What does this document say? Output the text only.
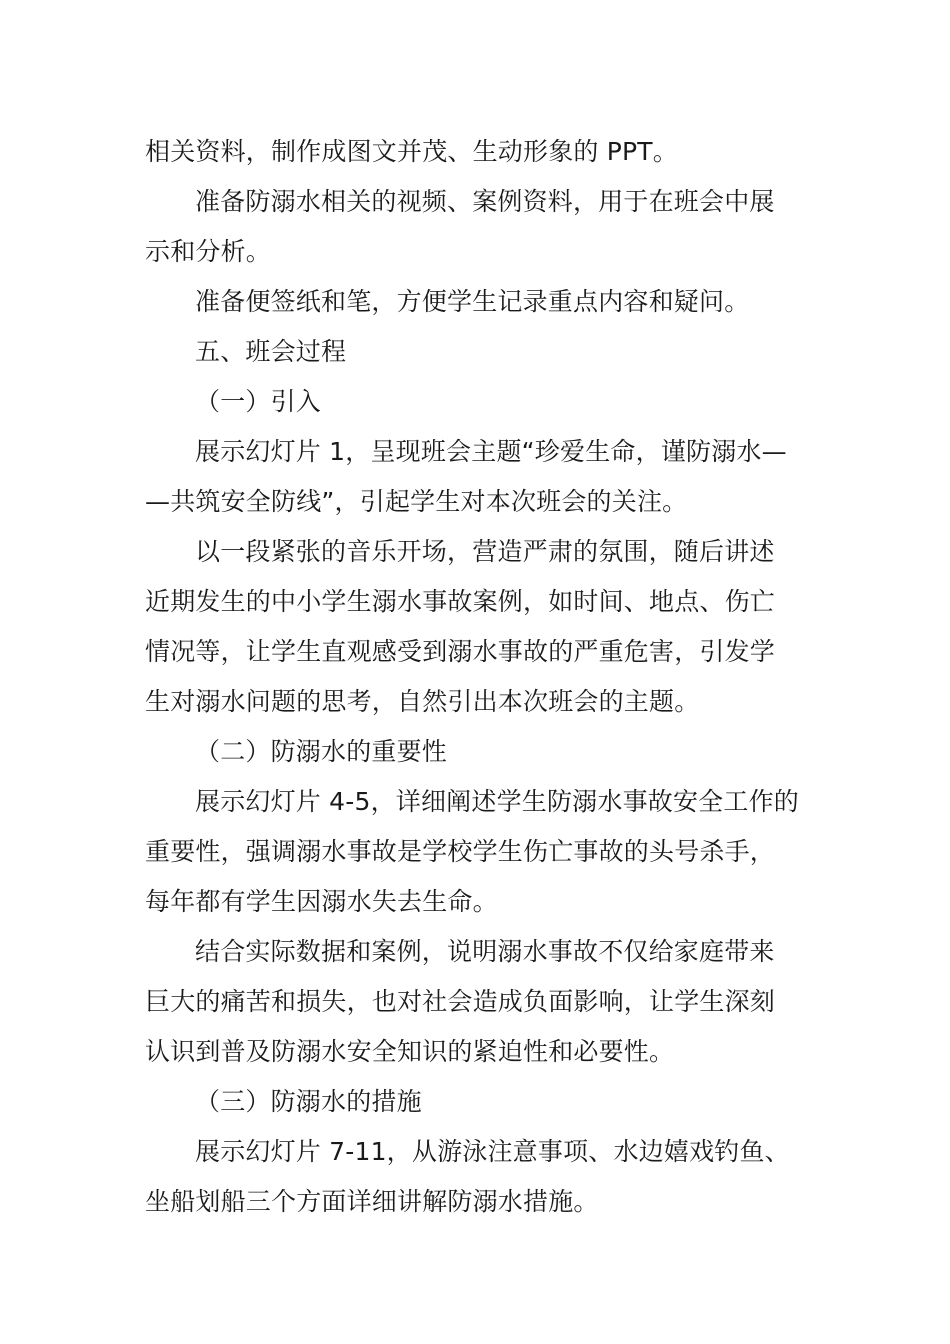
相关资料，制作成图文并茂、生动形象的 PPT。
准备防溺水相关的视频、案例资料，用于在班会中展
示和分析。
准备便签纸和笔，方便学生记录重点内容和疑问。
五、班会过程
（一）引入
展示幻灯片 1，呈现班会主题“珍爱生命，谨防溺水—
—共筑安全防线”，引起学生对本次班会的关注。
以一段紧张的音乐开场，营造严肃的氛围，随后讲述
近期发生的中小学生溺水事故案例，如时间、地点、伤亡
情况等，让学生直观感受到溺水事故的严重危害，引发学
生对溺水问题的思考，自然引出本次班会的主题。
（二）防溺水的重要性
展示幻灯片 4-5，详细阐述学生防溺水事故安全工作的
重要性，强调溺水事故是学校学生伤亡事故的头号杀手，
每年都有学生因溺水失去生命。
结合实际数据和案例，说明溺水事故不仅给家庭带来
巨大的痛苦和损失，也对社会造成负面影响，让学生深刻
认识到普及防溺水安全知识的紧迫性和必要性。
（三）防溺水的措施
展示幻灯片 7-11，从游泳注意事项、水边嬉戏钓鱼、
坐船划船三个方面详细讲解防溺水措施。
